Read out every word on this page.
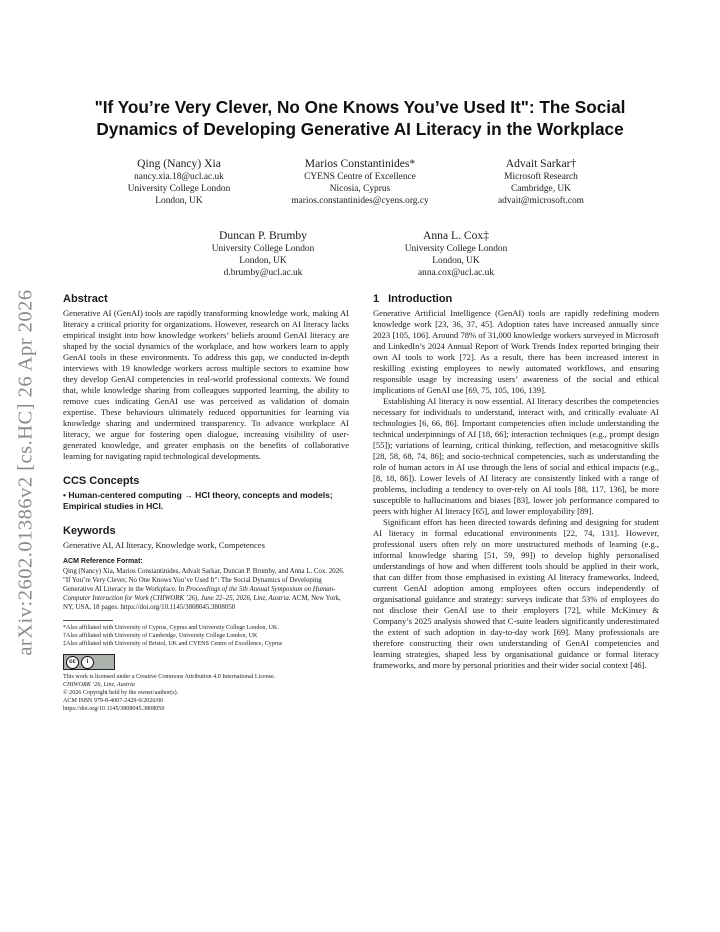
arXiv:2602.01386v2 [cs.HC] 26 Apr 2026
"If You’re Very Clever, No One Knows You’ve Used It": The Social
Dynamics of Developing Generative AI Literacy in the Workplace
Qing (Nancy) Xia
nancy.xia.18@ucl.ac.uk
University College London
London, UK
Marios Constantinides*
CYENS Centre of Excellence
Nicosia, Cyprus
marios.constantinides@cyens.org.cy
Advait Sarkar†
Microsoft Research
Cambridge, UK
advait@microsoft.com
Duncan P. Brumby
University College London
London, UK
d.brumby@ucl.ac.uk
Anna L. Cox‡
University College London
London, UK
anna.cox@ucl.ac.uk
Abstract

Generative AI (GenAI) tools are rapidly transforming knowledge work, making AI literacy a critical priority for organizations. However, research on AI literacy lacks empirical insight into how knowledge workers’ beliefs around GenAI literacy are shaped by the social dynamics of the workplace, and how workers learn to apply GenAI tools in these environments. To address this gap, we conducted in-depth interviews with 19 knowledge workers across multiple sectors to examine how they develop GenAI competencies in real-world professional contexts. We found that, while knowledge sharing from colleagues supported learning, the ability to remove cues indicating GenAI use was perceived as validation of domain expertise. These behaviours ultimately reduced opportunities for learning via knowledge sharing and undermined transparency. To advance workplace AI literacy, we argue for fostering open dialogue, increasing visibility of user-generated knowledge, and greater emphasis on the benefits of collaborative learning for navigating rapid technological developments.

CCS Concepts

• Human-centered computing → HCI theory, concepts and models; Empirical studies in HCI.

Keywords

Generative AI, AI literacy, Knowledge work, Competences

ACM Reference Format:

Qing (Nancy) Xia, Marios Constantinides, Advait Sarkar, Duncan P. Brumby, and Anna L. Cox. 2026. "If You’re Very Clever, No One Knows You’ve Used It": The Social Dynamics of Developing Generative AI Literacy in the Workplace. In Proceedings of the 5th Annual Symposium on Human-Computer Interaction for Work (CHIWORK ’26), June 22–25, 2026, Linz, Austria. ACM, New York, NY, USA, 18 pages. https://doi.org/10.1145/3808045.3808050

*Also affiliated with University of Cyprus, Cyprus and University College London, UK.
†Also affiliated with University of Cambridge, University College London, UK
‡Also affiliated with University of Bristol, UK and CYENS Centre of Excellence, Cyprus
cc	i
This work is licensed under a Creative Commons Attribution 4.0 International License.
CHIWORK ’26, Linz, Austria
© 2026 Copyright held by the owner/author(s).
ACM ISBN 979-8-4007-2429-9/2026/06
https://doi.org/10.1145/3808045.3808050
1 Introduction

Generative Artificial Intelligence (GenAI) tools are rapidly redefining modern knowledge work [23, 36, 37, 45]. Adoption rates have increased annually since 2023 [105, 106]. Around 78% of 31,000 knowledge workers surveyed in Microsoft and LinkedIn’s 2024 Annual Report of Work Trends Index reported bringing their own AI tools to work [72]. As a result, there has been increased interest in reskilling existing employees to newly automated workflows, and ensuring responsible usage by increasing users’ awareness of the social and ethical implications of GenAI use [69, 75, 105, 106, 139].

Establishing AI literacy is now essential. AI literacy describes the competencies necessary for individuals to understand, interact with, and critically evaluate AI technologies [6, 66, 86]. Important competencies often include understanding the technical underpinnings of AI [18, 66]; interaction techniques (e.g., prompt design [55]); variations of learning, critical thinking, reflection, and metacognitive skills [28, 58, 68, 74, 86]; and socio-technical competencies, such as understanding the role of human actors in AI use through the lens of social and ethical impacts (e.g., [8, 18, 86]). Lower levels of AI literacy are consistently linked with a range of problems, including a tendency to over-rely on AI tools [88, 117, 136], be more susceptible to hallucinations and biases [83], lower job performance compared to peers with higher AI literacy [65], and lower employability [89].

Significant effort has been directed towards defining and designing for student AI literacy in formal educational environments [22, 74, 131]. However, professional users often rely on more unstructured methods of learning (e.g., informal knowledge sharing [51, 59, 99]) to develop highly personalised understandings of how and when different tools should be applied in their work, that can differ from those emphasised in existing AI literacy frameworks. Indeed, current GenAI adoption among employees often occurs independently of organisational guidance and strategy: surveys indicate that 53% of employees do not disclose their GenAI use to their employers [72], while McKinsey & Company’s 2025 analysis showed that C-suite leaders significantly underestimated the extent of such adoption in day-to-day work [69]. Many professionals are therefore constructing their own understanding of GenAI competencies and learning strategies, shaped less by organisational guidance or formal literacy frameworks, and more by personal priorities and their wider social context [46].
